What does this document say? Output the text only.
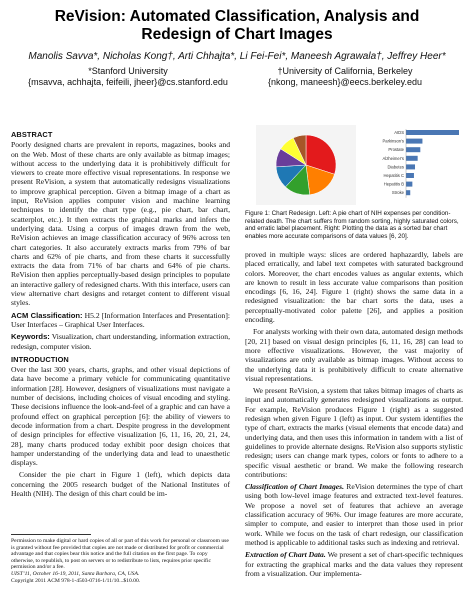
ReVision: Automated Classification, Analysis and Redesign of Chart Images
Manolis Savva*, Nicholas Kong†, Arti Chhajta*, Li Fei-Fei*, Maneesh Agrawala†, Jeffrey Heer*
*Stanford University
{msavva, achhajta, feifeili, jheer}@cs.stanford.edu
†University of California, Berkeley
{nkong, maneesh}@eecs.berkeley.edu
ABSTRACT

Poorly designed charts are prevalent in reports, magazines, books and on the Web. Most of these charts are only available as bitmap images; without access to the underlying data it is prohibitively difficult for viewers to create more effective visual representations. In response we present ReVision, a system that automatically redesigns visualizations to improve graphical perception. Given a bitmap image of a chart as input, ReVision applies computer vision and machine learning techniques to identify the chart type (e.g., pie chart, bar chart, scatterplot, etc.). It then extracts the graphical marks and infers the underlying data. Using a corpus of images drawn from the web, ReVision achieves an image classification accuracy of 96% across ten chart categories. It also accurately extracts marks from 79% of bar charts and 62% of pie charts, and from these charts it successfully extracts the data from 71% of bar charts and 64% of pie charts. ReVision then applies perceptually-based design principles to populate an interactive gallery of redesigned charts. With this interface, users can view alternative chart designs and retarget content to different visual styles.

ACM Classification: H5.2 [Information Interfaces and Presentation]: User Interfaces – Graphical User Interfaces.

Keywords: Visualization, chart understanding, information extraction, redesign, computer vision.

INTRODUCTION

Over the last 300 years, charts, graphs, and other visual depictions of data have become a primary vehicle for communicating quantitative information [28]. However, designers of visualizations must navigate a number of decisions, including choices of visual encoding and styling. These decisions influence the look-and-feel of a graphic and can have a profound effect on graphical perception [6]: the ability of viewers to decode information from a chart. Despite progress in the development of design principles for effective visualization [6, 11, 16, 20, 21, 24, 28], many charts produced today exhibit poor design choices that hamper understanding of the underlying data and lead to unaesthetic displays.

Consider the pie chart in Figure 1 (left), which depicts data concerning the 2005 research budget of the National Institutes of Health (NIH). The design of this chart could be im-

Permission to make digital or hard copies of all or part of this work for personal or classroom use is granted without fee provided that copies are not made or distributed for profit or commercial advantage and that copies bear this notice and the full citation on the first page. To copy otherwise, to republish, to post on servers or to redistribute to lists, requires prior specific permission and/or a fee.
UIST’11, October 16-19, 2011, Santa Barbara, CA, USA.
Copyright 2011 ACM 978-1-4503-0716-1/11/10...$10.00.
AIDS
Parkinson's
Prostate
Alzheimer's
Diabetes
Hepatitis C
Hepatitis B
Stroke
Figure 1: Chart Redesign. Left: A pie chart of NIH expenses per condition-related death. The chart suffers from random sorting, highly saturated colors, and erratic label placement. Right: Plotting the data as a sorted bar chart enables more accurate comparisons of data values [6, 20].

proved in multiple ways: slices are ordered haphazardly, labels are placed erratically, and label text competes with saturated background colors. Moreover, the chart encodes values as angular extents, which are known to result in less accurate value comparisons than position encodings [6, 16, 24]. Figure 1 (right) shows the same data in a redesigned visualization: the bar chart sorts the data, uses a perceptually-motivated color palette [26], and applies a position encoding.

For analysts working with their own data, automated design methods [20, 21] based on visual design principles [6, 11, 16, 28] can lead to more effective visualizations. However, the vast majority of visualizations are only available as bitmap images. Without access to the underlying data it is prohibitively difficult to create alternative visual representations.

We present ReVision, a system that takes bitmap images of charts as input and automatically generates redesigned visualizations as output. For example, ReVision produces Figure 1 (right) as a suggested redesign when given Figure 1 (left) as input. Our system identifies the type of chart, extracts the marks (visual elements that encode data) and underlying data, and then uses this information in tandem with a list of guidelines to provide alternate designs. ReVision also supports stylistic redesign; users can change mark types, colors or fonts to adhere to a specific visual aesthetic or brand. We make the following research contributions:

Classification of Chart Images. ReVision determines the type of chart using both low-level image features and extracted text-level features. We propose a novel set of features that achieve an average classification accuracy of 96%. Our image features are more accurate, simpler to compute, and easier to interpret than those used in prior work. While we focus on the task of chart redesign, our classification method is applicable to additional tasks such as indexing and retrieval.

Extraction of Chart Data. We present a set of chart-specific techniques for extracting the graphical marks and the data values they represent from a visualization. Our implementa-
